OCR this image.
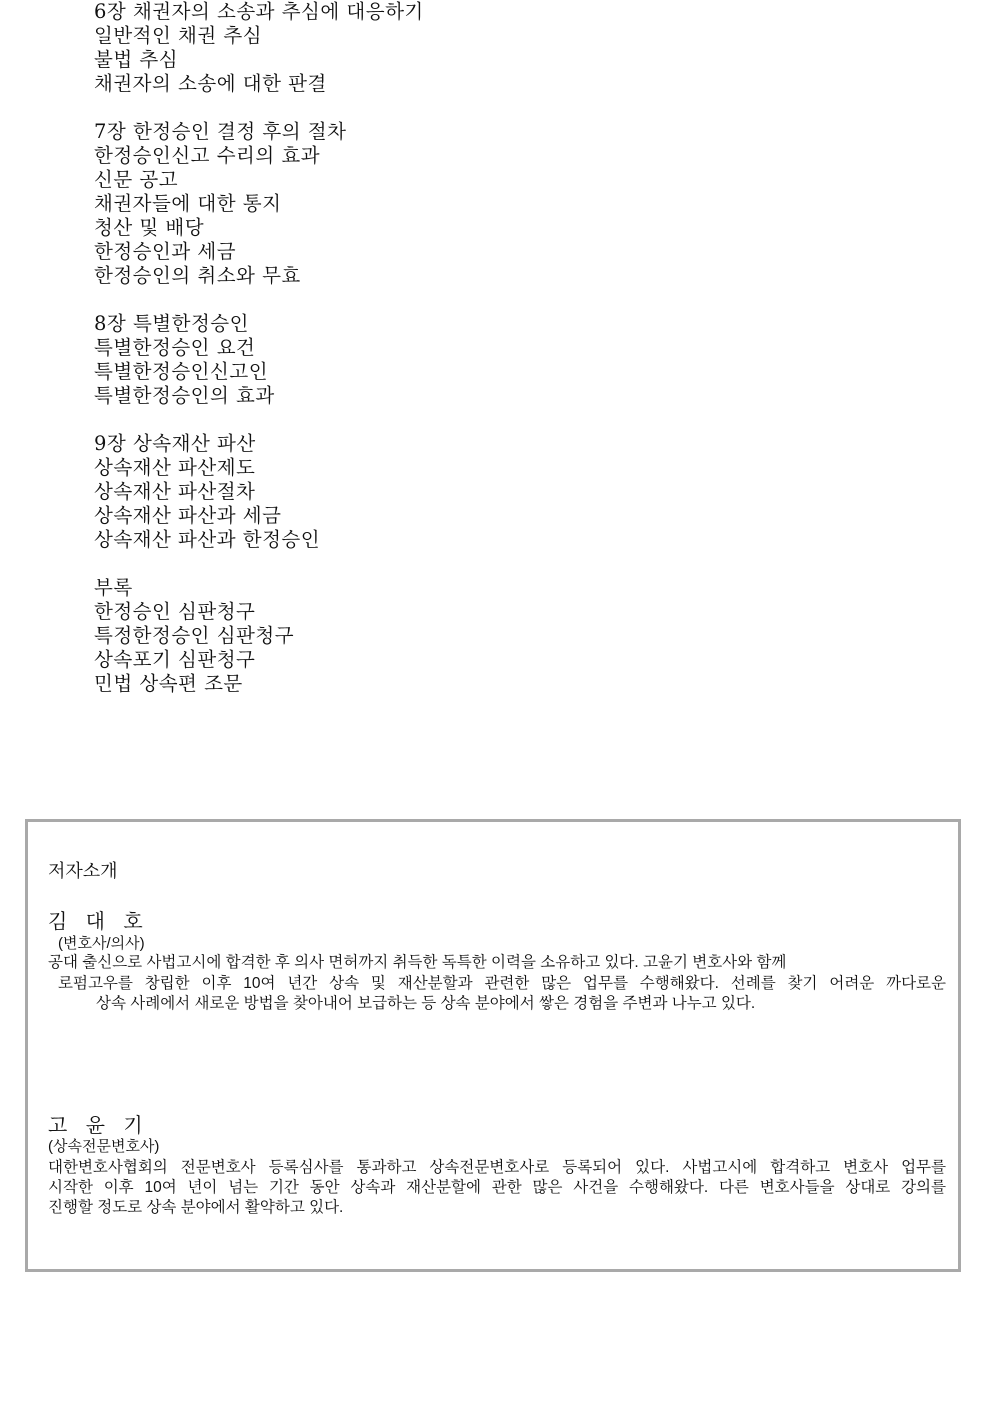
6장 채권자의 소송과 추심에 대응하기
일반적인 채권 추심
불법 추심
채권자의 소송에 대한 판결
7장 한정승인 결정 후의 절차
한정승인신고 수리의 효과
신문 공고
채권자들에 대한 통지
청산 및 배당
한정승인과 세금
한정승인의 취소와 무효
8장 특별한정승인
특별한정승인 요건
특별한정승인신고인
특별한정승인의 효과
9장 상속재산 파산
상속재산 파산제도
상속재산 파산절차
상속재산 파산과 세금
상속재산 파산과 한정승인
부록
한정승인 심판청구
특정한정승인 심판청구
상속포기 심판청구
민법 상속편 조문
저자소개
김 대 호
(변호사/의사)
공대 출신으로 사법고시에 합격한 후 의사 면허까지 취득한 독특한 이력을 소유하고 있다. 고윤기 변호사와 함께
로펌고우를 창립한 이후 10여 년간 상속 및 재산분할과 관련한 많은 업무를 수행해왔다. 선례를 찾기 어려운 까다로운
상속 사례에서 새로운 방법을 찾아내어 보급하는 등 상속 분야에서 쌓은 경험을 주변과 나누고 있다.
고 윤 기
(상속전문변호사)
대한변호사협회의 전문변호사 등록심사를 통과하고 상속전문변호사로 등록되어 있다. 사법고시에 합격하고 변호사 업무를
시작한 이후 10여 년이 넘는 기간 동안 상속과 재산분할에 관한 많은 사건을 수행해왔다. 다른 변호사들을 상대로 강의를
진행할 정도로 상속 분야에서 활약하고 있다.
